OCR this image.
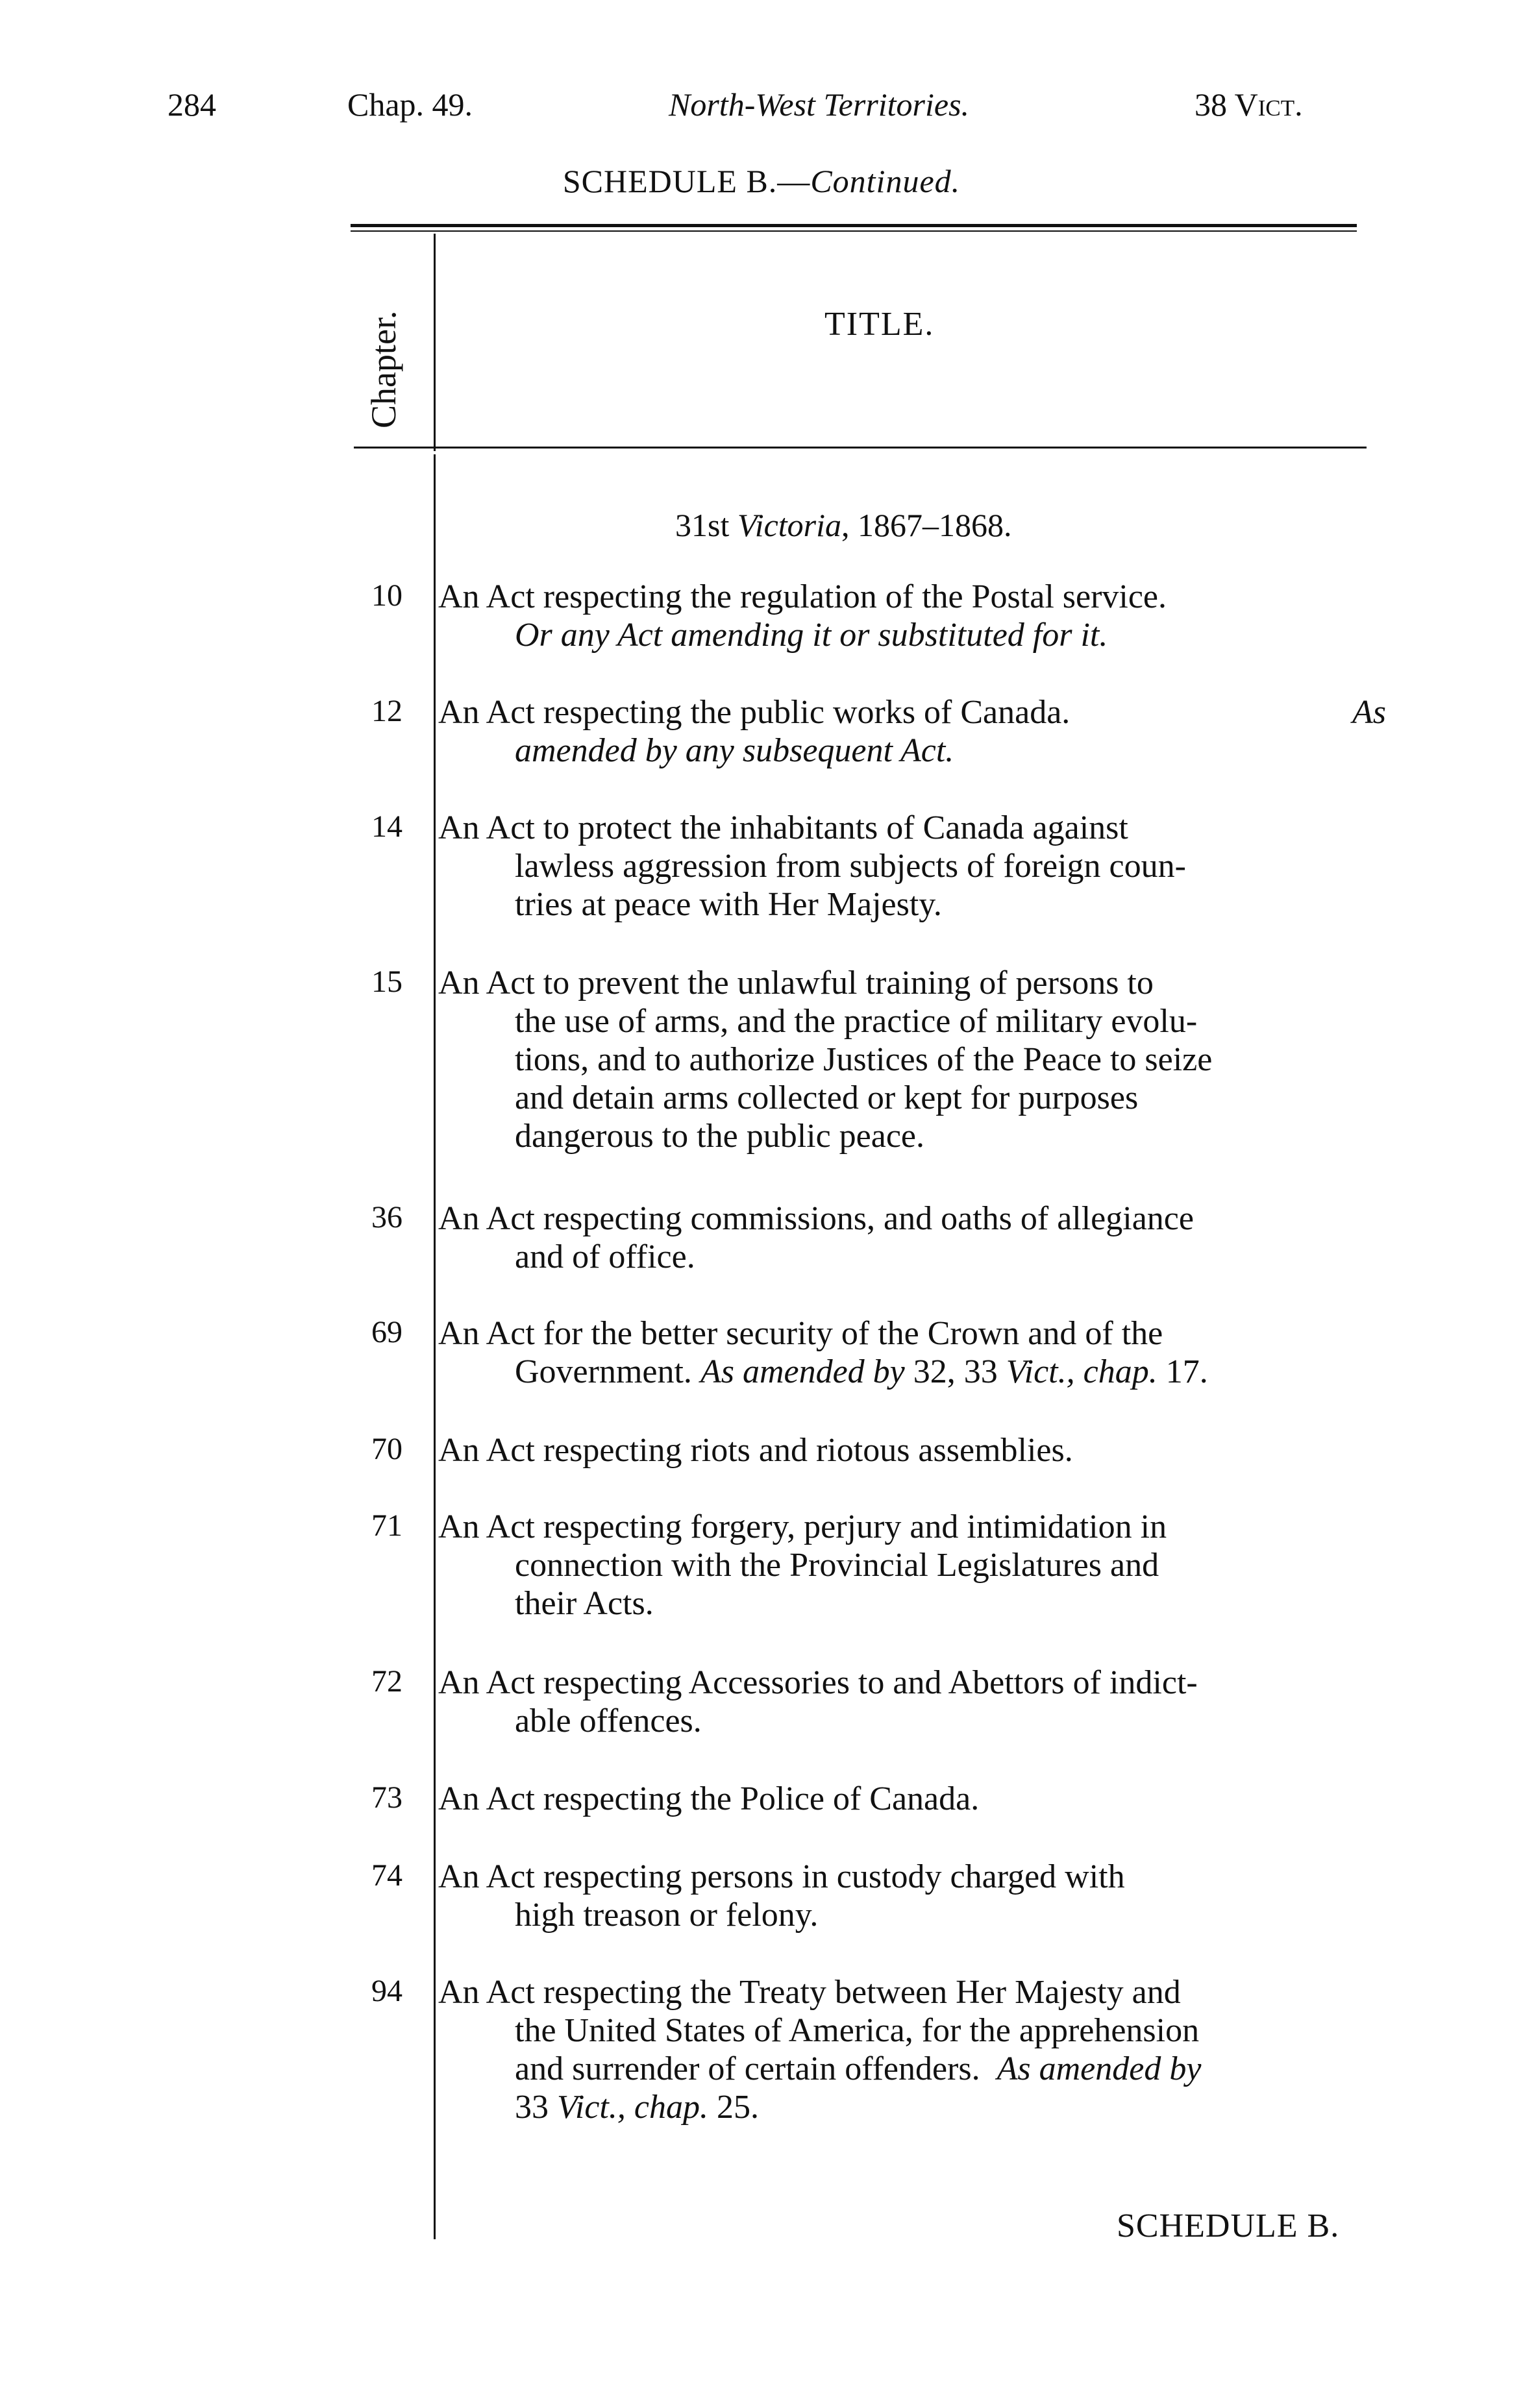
284	Chap. 49.	North-West Territories.	38 Vict.
SCHEDULE B.—Continued.
Chapter.	TITLE.
31st Victoria, 1867–1868.
10 An Act respecting the regulation of the Postal service.
Or any Act amending it or substituted for it.
12 An Act respecting the public works of Canada.	As
amended by any subsequent Act.
14 An Act to protect the inhabitants of Canada against
lawless aggression from subjects of foreign coun-
tries at peace with Her Majesty.
15 An Act to prevent the unlawful training of persons to
the use of arms, and the practice of military evolu-
tions, and to authorize Justices of the Peace to seize
and detain arms collected or kept for purposes
dangerous to the public peace.
36 An Act respecting commissions, and oaths of allegiance
and of office.
69 An Act for the better security of the Crown and of the
Government. As amended by 32, 33 Vict., chap. 17.
70 An Act respecting riots and riotous assemblies.
71 An Act respecting forgery, perjury and intimidation in
connection with the Provincial Legislatures and
their Acts.
72 An Act respecting Accessories to and Abettors of indict-
able offences.
73 An Act respecting the Police of Canada.
74 An Act respecting persons in custody charged with
high treason or felony.
94 An Act respecting the Treaty between Her Majesty and
the United States of America, for the apprehension
and surrender of certain offenders. As amended by
33 Vict., chap. 25.
SCHEDULE B.
